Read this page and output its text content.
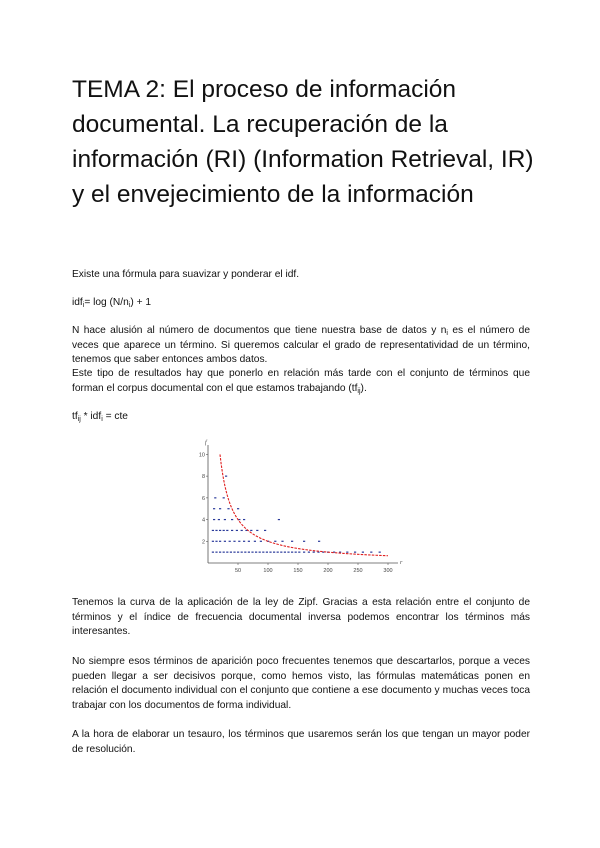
TEMA 2: El proceso de información documental. La recuperación de la información (RI) (Information Retrieval, IR) y el envejecimiento de la información

Existe una fórmula para suavizar y ponderar el idf.

$idf_i= \log (N/n_i) + 1$

N hace alusión al número de documentos que tiene nuestra base de datos y $n_i$ es el número de veces que aparece un término. Si queremos calcular el grado de representatividad de un término, tenemos que saber entonces ambos datos.

Este tipo de resultados hay que ponerlo en relación más tarde con el conjunto de términos que forman el corpus documental con el que estamos trabajando $(tf_{ij})$.

$tf_{ij} * idf_i$ = cte

r
f
50	100	150	200	250	300
2
4
6
8
10

Tenemos la curva de la aplicación de la ley de Zipf. Gracias a esta relación entre el conjunto de términos y el índice de frecuencia documental inversa podemos encontrar los términos más interesantes.

No siempre esos términos de aparición poco frecuentes tenemos que descartarlos, porque a veces pueden llegar a ser decisivos porque, como hemos visto, las fórmulas matemáticas ponen en relación el documento individual con el conjunto que contiene a ese documento y muchas veces toca trabajar con los documentos de forma individual.

A la hora de elaborar un tesauro, los términos que usaremos serán los que tengan un mayor poder de resolución.
